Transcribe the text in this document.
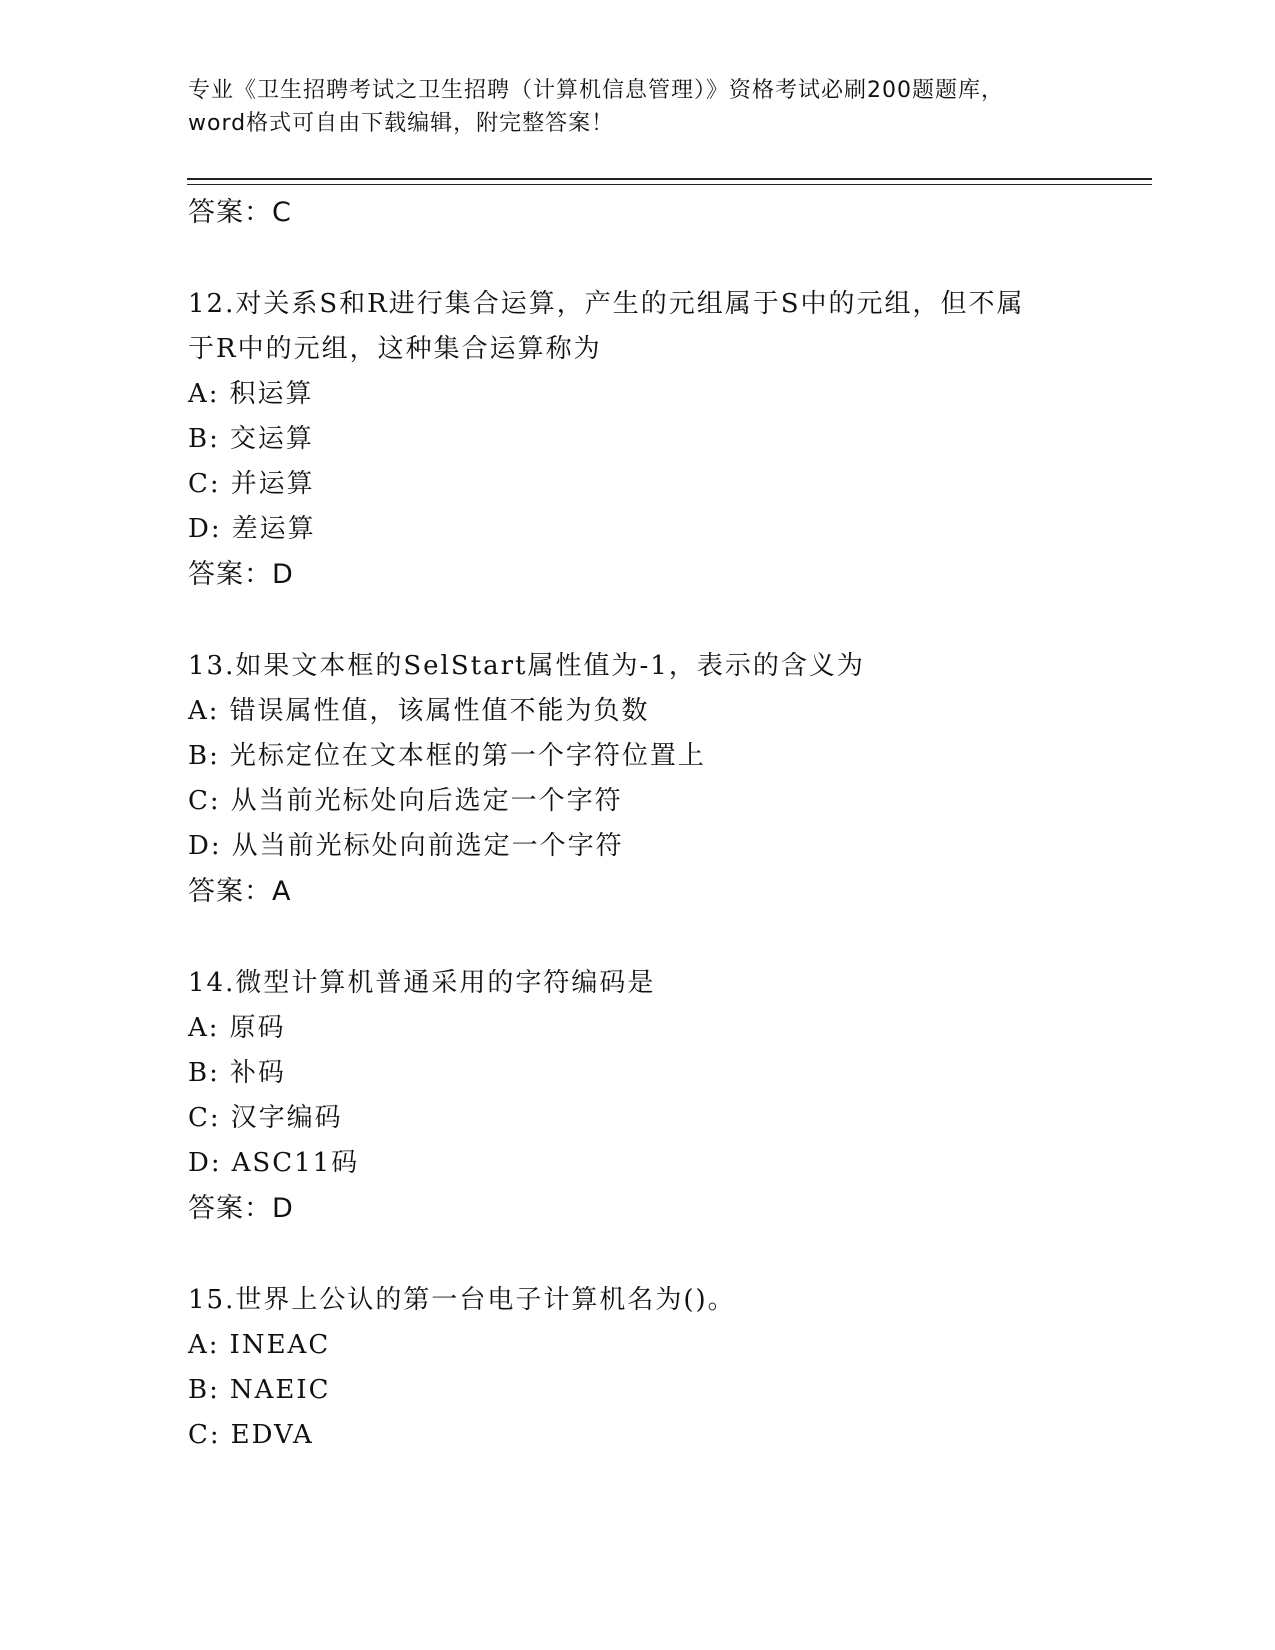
专业《卫生招聘考试之卫生招聘（计算机信息管理）》资格考试必刷200题题库，
word格式可自由下载编辑，附完整答案！

答案：C

12.对关系S和R进行集合运算，产生的元组属于S中的元组，但不属

于R中的元组，这种集合运算称为

A: 积运算

B: 交运算

C: 并运算

D: 差运算

答案：D

13.如果文本框的SelStart属性值为-1，表示的含义为

A: 错误属性值，该属性值不能为负数

B: 光标定位在文本框的第一个字符位置上

C: 从当前光标处向后选定一个字符

D: 从当前光标处向前选定一个字符

答案：A

14.微型计算机普通采用的字符编码是

A: 原码

B: 补码

C: 汉字编码

D: ASC11码

答案：D

15.世界上公认的第一台电子计算机名为()。

A: INEAC

B: NAEIC

C: EDVA
